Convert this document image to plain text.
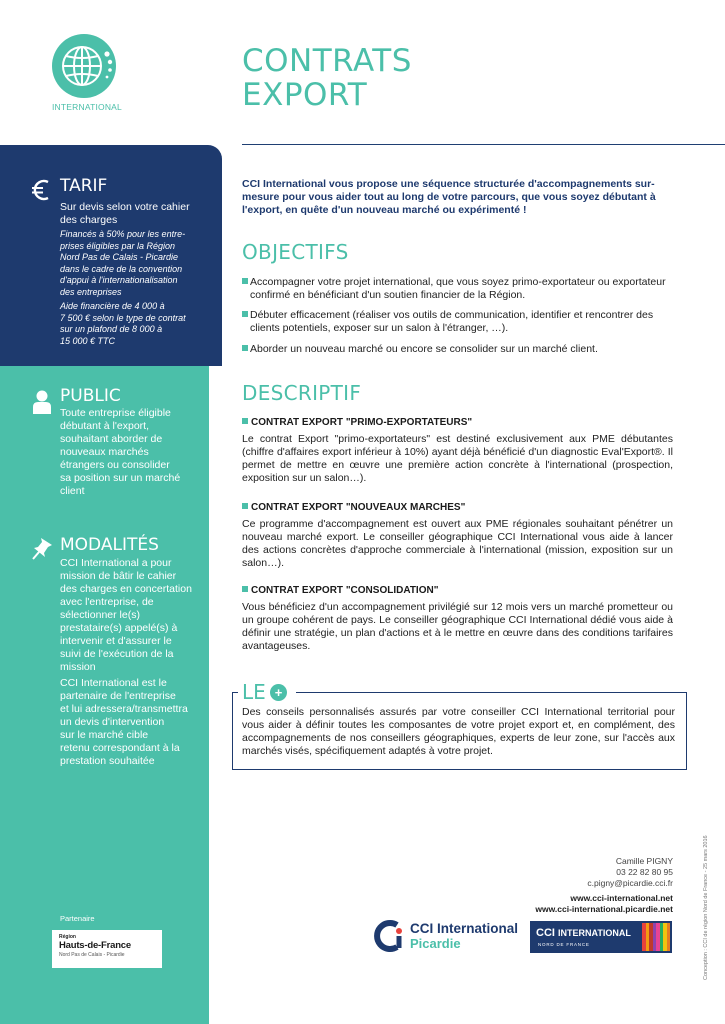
INTERNATIONAL
CONTRATS
EXPORT
TARIF
Sur devis selon votre cahier
des charges
Financés à 50% pour les entre-
prises éligibles par la Région
Nord Pas de Calais - Picardie
dans le cadre de la convention
d'appui à l'internationalisation
des entreprises
Aide financière de 4 000 à
7 500 € selon le type de contrat
sur un plafond de 8 000 à
15 000 € TTC
PUBLIC
Toute entreprise éligible
débutant à l'export,
souhaitant aborder de
nouveaux marchés
étrangers ou consolider
sa position sur un marché
client
MODALITÉS
CCI International a pour
mission de bâtir le cahier
des charges en concertation
avec l'entreprise, de
sélectionner le(s)
prestataire(s) appelé(s) à
intervenir et d'assurer le
suivi de l'exécution de la
mission
CCI International est le
partenaire de l'entreprise
et lui adressera/transmettra
un devis d'intervention
sur le marché cible
retenu correspondant à la
prestation souhaitée
Partenaire
Région
Hauts-de-France
Nord Pas de Calais - Picardie

CCI International vous propose une séquence structurée d'accompagnements sur-mesure pour vous aider tout au long de votre parcours, que vous soyez débutant à l'export, en quête d'un nouveau marché ou expérimenté !

OBJECTIFS
Accompagner votre projet international, que vous soyez primo-exportateur ou exportateur
confirmé en bénéficiant d'un soutien financier de la Région.
Débuter efficacement (réaliser vos outils de communication, identifier et rencontrer des
clients potentiels, exposer sur un salon à l'étranger, …).
Aborder un nouveau marché ou encore se consolider sur un marché client.
DESCRIPTIF
CONTRAT EXPORT "PRIMO-EXPORTATEURS"

Le contrat Export "primo-exportateurs" est destiné exclusivement aux PME débutantes (chiffre d'affaires export inférieur à 10%) ayant déjà bénéficié d'un diagnostic Eval'Export®. Il permet de mettre en œuvre une première action concrète à l'international (prospection, exposition sur un salon…).

CONTRAT EXPORT "NOUVEAUX MARCHES"

Ce programme d'accompagnement est ouvert aux PME régionales souhaitant pénétrer un nouveau marché export. Le conseiller géographique CCI International vous aide à lancer des actions concrètes d'approche commerciale à l'international (mission, exposition sur un salon…).

CONTRAT EXPORT "CONSOLIDATION"

Vous bénéficiez d'un accompagnement privilégié sur 12 mois vers un marché prometteur ou un groupe cohérent de pays. Le conseiller géographique CCI International dédié vous aide à définir une stratégie, un plan d'actions et à le mettre en œuvre dans des conditions tarifaires avantageuses.

LE +

Des conseils personnalisés assurés par votre conseiller CCI International territorial pour vous aider à définir toutes les composantes de votre projet export et, en complément, des accompagnements de nos conseillers géographiques, experts de leur zone, sur l'accès aux marchés visés, spécifiquement adaptés à votre projet.

Camille PIGNY
03 22 82 80 95
c.pigny@picardie.cci.fr
www.cci-international.net
www.cci-international.picardie.net	Conception : CCI de région Nord de France - 25 mars 2016
CCI International
Picardie
CCI INTERNATIONAL
NORD DE FRANCE
